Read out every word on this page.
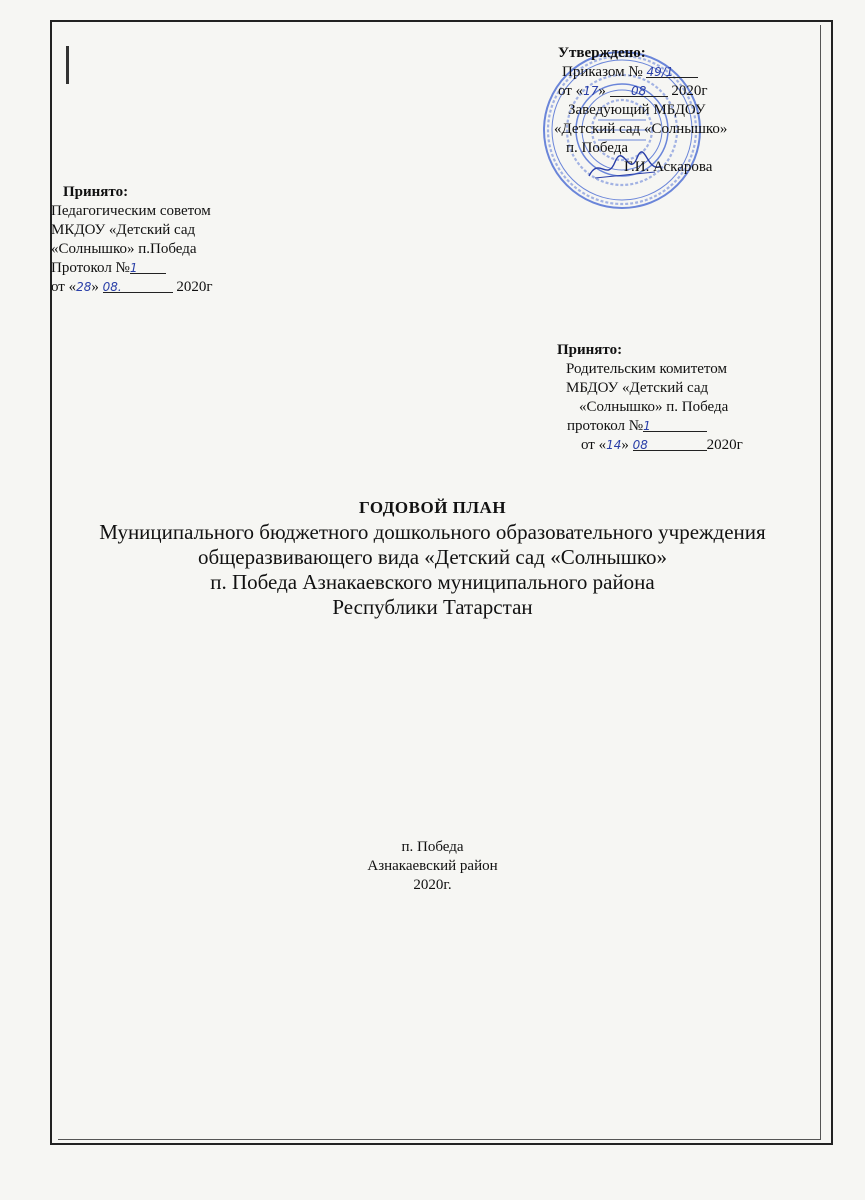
Утверждено:
Приказом № 49/1
от «17» 08 2020г
Заведующий МБДОУ
«Детский сад «Солнышко»
п. Победа
Г.И. Аскарова
Принято:
Педагогическим советом
МКДОУ «Детский сад
«Солнышко» п.Победа
Протокол №1
от «28» 08.	2020г
Принято:
Родительским комитетом
МБДОУ «Детский сад
«Солнышко» п. Победа
протокол №1
от «14» 08	2020г
ГОДОВОЙ ПЛАН
Муниципального бюджетного дошкольного образовательного учреждения
общеразвивающего вида «Детский сад «Солнышко»
п. Победа Азнакаевского муниципального района
Республики Татарстан
п. Победа
Азнакаевский район
2020г.
